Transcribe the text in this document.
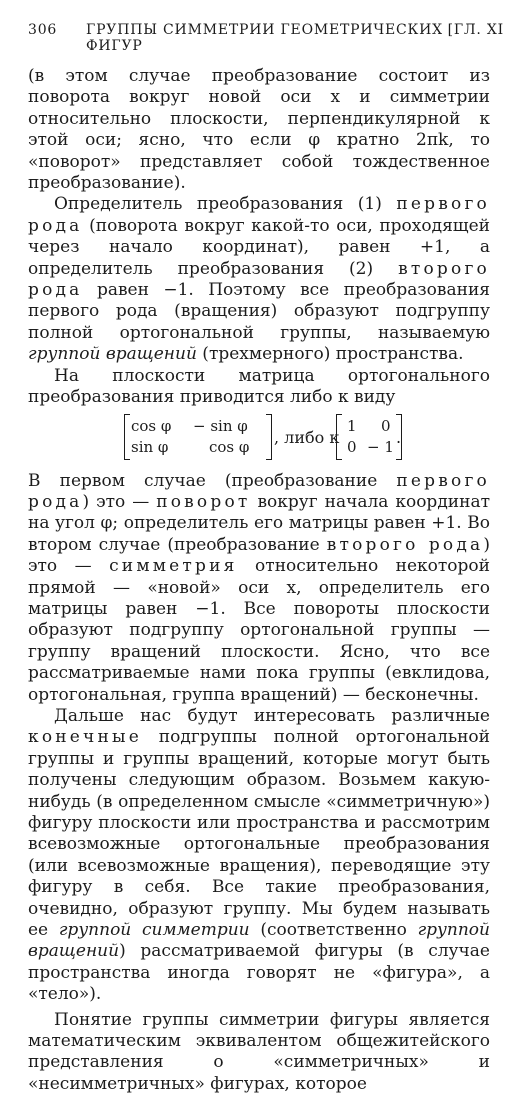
306 ГРУППЫ СИММЕТРИИ ГЕОМЕТРИЧЕСКИХ ФИГУР
[ГЛ. XI

(в этом случае преобразование состоит из поворота вокруг новой оси x и симметрии относительно плоскости, перпендикулярной к этой оси; ясно, что если φ кратно 2πk, то «поворот» представляет собой тождественное преобразование).

Определитель преобразования (1) первого рода (поворота вокруг какой-то оси, проходящей через начало координат), равен +1, а определитель преобразования (2) второго рода равен −1. Поэтому все преобразования первого рода (вращения) образуют подгруппу полной ортогональной группы, называемую группой вращений (трехмерного) пространства.

На плоскости матрица ортогонального преобразования приводится либо к виду

cos φ − sin φ
sin φ	cos φ , либо к
1 0
0 − 1 .

В первом случае (преобразование первого рода) это — поворот вокруг начала координат на угол φ; определитель его матрицы равен +1. Во втором случае (преобразование второго рода) это — симметрия относительно некоторой прямой — «новой» оси x, определитель его матрицы равен −1. Все повороты плоскости образуют подгруппу ортогональной группы — группу вращений плоскости. Ясно, что все рассматриваемые нами пока группы (евклидова, ортогональная, группа вращений) — бесконечны.

Дальше нас будут интересовать различные конечные подгруппы полной ортогональной группы и группы вращений, которые могут быть получены следующим образом. Возьмем какую-нибудь (в определенном смысле «симметричную») фигуру плоскости или пространства и рассмотрим всевозможные ортогональные преобразования (или всевозможные вращения), переводящие эту фигуру в себя. Все такие преобразования, очевидно, образуют группу. Мы будем называть ее группой симметрии (соответственно группой вращений) рассматриваемой фигуры (в случае пространства иногда говорят не «фигура», а «тело»).

Понятие группы симметрии фигуры является математическим эквивалентом общежитейского представления о «симметричных» и «несимметричных» фигурах, которое
